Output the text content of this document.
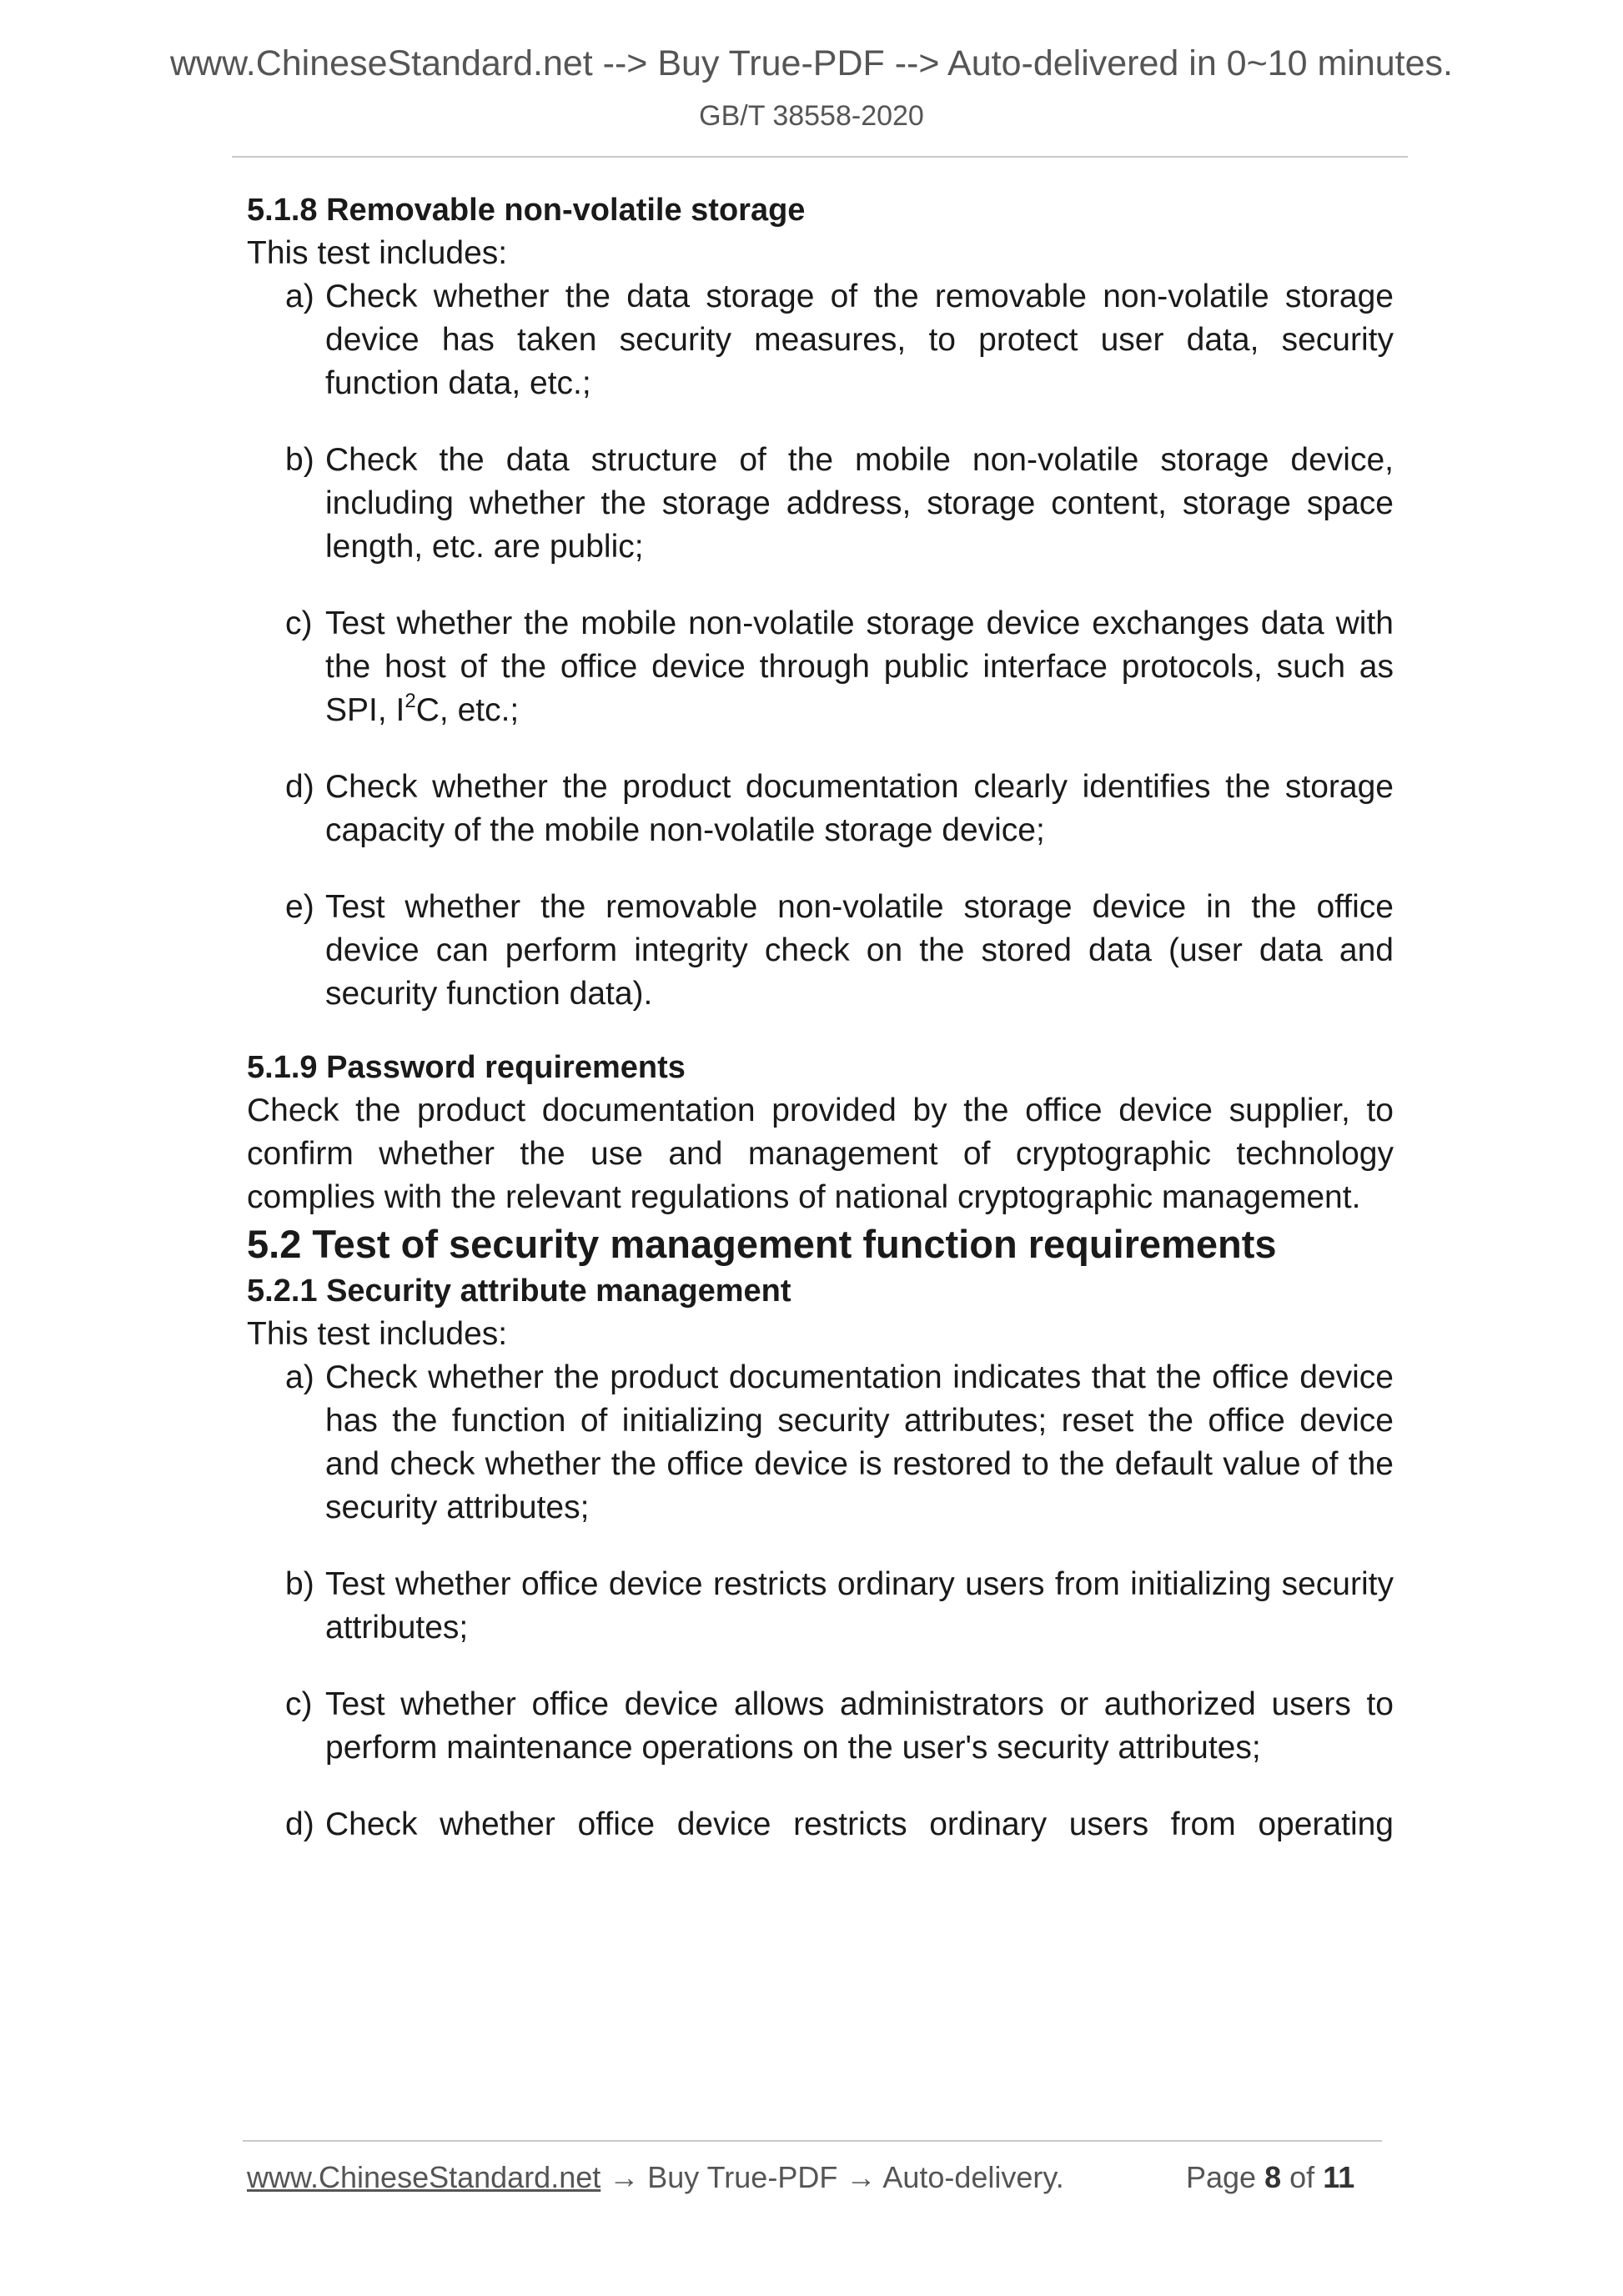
www.ChineseStandard.net --> Buy True-PDF --> Auto-delivered in 0~10 minutes.
GB/T 38558-2020

5.1.8 Removable non-volatile storage

This test includes:

a) Check whether the data storage of the removable non-volatile storage device has taken security measures, to protect user data, security function data, etc.;
b) Check the data structure of the mobile non-volatile storage device, including whether the storage address, storage content, storage space length, etc. are public;
c) Test whether the mobile non-volatile storage device exchanges data with the host of the office device through public interface protocols, such as SPI, $I^2C$, etc.;
d) Check whether the product documentation clearly identifies the storage capacity of the mobile non-volatile storage device;
e) Test whether the removable non-volatile storage device in the office device can perform integrity check on the stored data (user data and security function data).

5.1.9 Password requirements

Check the product documentation provided by the office device supplier, to confirm whether the use and management of cryptographic technology complies with the relevant regulations of national cryptographic management.

5.2 Test of security management function requirements

5.2.1 Security attribute management

This test includes:

a) Check whether the product documentation indicates that the office device has the function of initializing security attributes; reset the office device and check whether the office device is restored to the default value of the security attributes;
b) Test whether office device restricts ordinary users from initializing security attributes;
c) Test whether office device allows administrators or authorized users to perform maintenance operations on the user's security attributes;
d) Check whether office device restricts ordinary users from operating
www.ChineseStandard.net → Buy True-PDF → Auto-delivery.	Page 8 of 11
